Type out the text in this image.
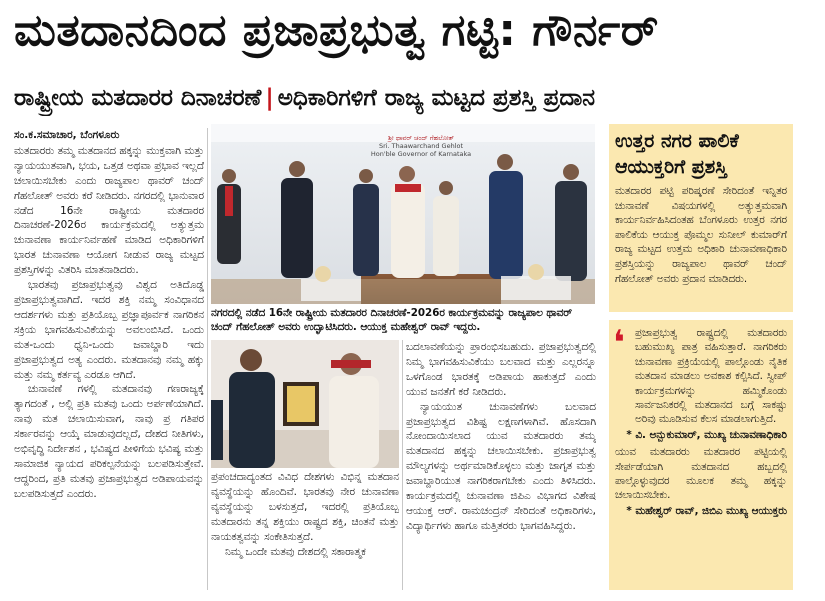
ಮತದಾನದಿಂದ ಪ್ರಜಾಪ್ರಭುತ್ವ ಗಟ್ಟಿ: ಗೌರ್ನರ್
ರಾಷ್ಟ್ರೀಯ ಮತದಾರರ ದಿನಾಚರಣೆ | ಅಧಿಕಾರಿಗಳಿಗೆ ರಾಜ್ಯ ಮಟ್ಟದ ಪ್ರಶಸ್ತಿ ಪ್ರದಾನ
ಸಂ.ಕ.ಸಮಾಚಾರ, ಬೆಂಗಳೂರು

ಮತದಾರರು ತಮ್ಮ ಮತದಾನದ ಹಕ್ಕನ್ನು ಮುಕ್ತವಾಗಿ ಮತ್ತು ನ್ಯಾಯಯುತವಾಗಿ, ಭಯ, ಒತ್ತಡ ಅಥವಾ ಪ್ರಭಾವ ಇಲ್ಲದೆ ಚಲಾಯಿಸಬೇಕು ಎಂದು ರಾಜ್ಯಪಾಲ ಥಾವರ್ ಚಂದ್ ಗೆಹಲೋತ್ ಅವರು ಕರೆ ನೀಡಿದರು. ನಗರದಲ್ಲಿ ಭಾನುವಾರ ನಡೆದ 16ನೇ ರಾಷ್ಟ್ರೀಯ ಮತದಾರರ ದಿನಾಚರಣೆ-2026ರ ಕಾರ್ಯಕ್ರಮದಲ್ಲಿ ಅತ್ಯುತ್ತಮ ಚುನಾವಣಾ ಕಾರ್ಯನಿರ್ವಹಣೆ ಮಾಡಿದ ಅಧಿಕಾರಿಗಳಿಗೆ ಭಾರತ ಚುನಾವಣಾ ಆಯೋಗ ನೀಡುವ ರಾಜ್ಯ ಮಟ್ಟದ ಪ್ರಶಸ್ತಿಗಳನ್ನು ವಿತರಿಸಿ ಮಾತನಾಡಿದರು.

ಭಾರತವು ಪ್ರಜಾಪ್ರಭುತ್ವವು ವಿಶ್ವದ ಅತಿದೊಡ್ಡ ಪ್ರಜಾಪ್ರಭುತ್ವವಾಗಿದೆ. ಇದರ ಶಕ್ತಿ ನಮ್ಮ ಸಂವಿಧಾನದ ಆದರ್ಶಗಳು ಮತ್ತು ಪ್ರತಿಯೊಬ್ಬ ಪ್ರಜ್ಞಾಪೂರ್ವಕ ನಾಗರಿಕನ ಸಕ್ರಿಯ ಭಾಗವಹಿಸುವಿಕೆಯನ್ನು ಅವಲಂಬಿಸಿದೆ. ಒಂದು ಮತ-ಒಂದು ಧ್ವನಿ-ಒಂದು ಜವಾಬ್ದಾರಿ ಇದು ಪ್ರಜಾಪ್ರಭುತ್ವದ ಅತ್ಯ ಎಂದರು. ಮತದಾನವು ನಮ್ಮ ಹಕ್ಕು ಮತ್ತು ನಮ್ಮ ಕರ್ತವ್ಯ ಎರಡೂ ಆಗಿದೆ.

ಚುನಾವಣೆ ಗಳಲ್ಲಿ ಮತದಾನವು ಗಣರಾಜ್ಯಕ್ಕೆ ತ್ಯಾಗದಂತೆ , ಅಲ್ಲಿ ಪ್ರತಿ ಮತವು ಒಂದು ಅರ್ಪಣೆಯಾಗಿದೆ. ನಾವು ಮತ ಚಲಾಯಿಸುವಾಗ, ನಾವು ಪ್ರ ಗತಿಪರ ಸರ್ಕಾರವನ್ನು ಆಯ್ಕೆ ಮಾಡುವುದಲ್ಲದೆ, ದೇಶದ ನೀತಿಗಳು, ಅಭಿವೃದ್ಧಿ ನಿರ್ದೇಶನ , ಭವಿಷ್ಯದ ಪೀಳಿಗೆಯ ಭವಿಷ್ಯ ಮತ್ತು ಸಾಮಾಜಿಕ ನ್ಯಾಯದ ಪರಿಕಲ್ಪನೆಯನ್ನು ಬಲಪಡಿಸುತ್ತೇವೆ. ಆದ್ದರಿಂದ, ಪ್ರತಿ ಮತವು ಪ್ರಜಾಪ್ರಭುತ್ವದ ಅಡಿಪಾಯವನ್ನು ಬಲಪಡಿಸುತ್ತದೆ ಎಂದರು.

ಶ್ರೀ ಥಾವರ್ ಚಂದ್ ಗೆಹಲೋತ್
Sri. Thaawarchand Gehlot
Hon'ble Governor of Karnataka
ನಗರದಲ್ಲಿ ನಡೆದ 16ನೇ ರಾಷ್ಟ್ರೀಯ ಮತದಾರರ ದಿನಾಚರಣೆ-2026ರ ಕಾರ್ಯಕ್ರಮವನ್ನು ರಾಜ್ಯಪಾಲ ಥಾವರ್ ಚಂದ್ ಗೆಹಲೋತ್ ಅವರು ಉದ್ಘಾಟಿಸಿದರು. ಆಯುಕ್ತ ಮಹೇಶ್ವರ್ ರಾವ್ ಇದ್ದರು.

ಪ್ರಪಂಚದಾದ್ಯಂತದ ವಿವಿಧ ದೇಶಗಳು ವಿಭಿನ್ನ ಮತದಾನ ವ್ಯವಸ್ಥೆಯನ್ನು ಹೊಂದಿವೆ. ಭಾರತವು ನೇರ ಚುನಾವಣಾ ವ್ಯವಸ್ಥೆಯನ್ನು ಬಳಸುತ್ತದೆ, ಇದರಲ್ಲಿ ಪ್ರತಿಯೊಬ್ಬ ಮತದಾರನು ತನ್ನ ಶಕ್ತಿಯು ರಾಷ್ಟ್ರದ ಶಕ್ತಿ, ಚಿಂತನೆ ಮತ್ತು ನಾಯಕತ್ವವನ್ನು ಸಂಕೇತಿಸುತ್ತದೆ.

ನಿಮ್ಮ ಒಂದೇ ಮತವು ದೇಶದಲ್ಲಿ ಸಕಾರಾತ್ಮಕ

ಬದಲಾವಣೆಯನ್ನು ಪ್ರಾರಂಭಿಸಬಹುದು. ಪ್ರಜಾಪ್ರಭುತ್ವದಲ್ಲಿ ನಿಮ್ಮ ಭಾಗವಹಿಸುವಿಕೆಯು ಬಲವಾದ ಮತ್ತು ಎಲ್ಲರನ್ನೂ ಒಳಗೊಂಡ ಭಾರತಕ್ಕೆ ಅಡಿಪಾಯ ಹಾಕುತ್ತದೆ ಎಂದು ಯುವ ಜನತೆಗೆ ಕರೆ ನೀಡಿದರು.

ನ್ಯಾಯಯುತ ಚುನಾವಣೆಗಳು ಬಲವಾದ ಪ್ರಜಾಪ್ರಭುತ್ವದ ವಿಶಿಷ್ಟ ಲಕ್ಷಣಗಳಾಗಿವೆ. ಹೊಸದಾಗಿ ನೋಂದಾಯಿಸಲಾದ ಯುವ ಮತದಾರರು ತಮ್ಮ ಮತದಾನದ ಹಕ್ಕನ್ನು ಚಲಾಯಿಸಬೇಕು. ಪ್ರಜಾಪ್ರಭುತ್ವ ಮೌಲ್ಯಗಳನ್ನು ಅರ್ಥಮಾಡಿಕೊಳ್ಳಲು ಮತ್ತು ಜಾಗೃತ ಮತ್ತು ಜವಾಬ್ದಾರಿಯುತ ನಾಗರಿಕರಾಗಬೇಕು ಎಂದು ತಿಳಿಸಿದರು. ಕಾರ್ಯಕ್ರಮದಲ್ಲಿ ಚುನಾವಣಾ ಜಿಪಿಎ ವಿಭಾಗದ ವಿಶೇಷ ಆಯುಕ್ತ ಆರ್. ರಾಮಚಂದ್ರನ್ ಸೇರಿದಂತೆ ಅಧಿಕಾರಿಗಳು, ವಿದ್ಯಾರ್ಥಿಗಳು ಹಾಗೂ ಮತ್ತಿತರರು ಭಾಗವಹಿಸಿದ್ದರು.

ಉತ್ತರ ನಗರ ಪಾಲಿಕೆ ಆಯುಕ್ತರಿಗೆ ಪ್ರಶಸ್ತಿ
ಮತದಾರರ ಪಟ್ಟಿ ಪರಿಷ್ಕರಣೆ ಸೇರಿದಂತೆ ಇನ್ನಿತರ ಚುನಾವಣೆ ವಿಷಯಗಳಲ್ಲಿ ಅತ್ಯುತ್ತಮವಾಗಿ ಕಾರ್ಯನಿರ್ವಹಿಸಿದಂತಹ ಬೆಂಗಳೂರು ಉತ್ತರ ನಗರ ಪಾಲಿಕೆಯ ಆಯುಕ್ತ ಪೊಮ್ಮಲ ಸುನೀಲ್ ಕುಮಾರ್‌ಗೆ ರಾಜ್ಯ ಮಟ್ಟದ ಉತ್ತಮ ಅಧಿಕಾರಿ ಚುನಾವಣಾಧಿಕಾರಿ ಪ್ರಶಸ್ತಿಯನ್ನು ರಾಜ್ಯಪಾಲ ಥಾವರ್ ಚಂದ್ ಗೆಹಲೋತ್ ಅವರು ಪ್ರದಾನ ಮಾಡಿದರು.
❛ ಪ್ರಜಾಪ್ರಭುತ್ವ ರಾಷ್ಟ್ರದಲ್ಲಿ ಮತದಾರರು ಬಹುಮುಖ್ಯ ಪಾತ್ರ ವಹಿಸುತ್ತಾರೆ. ನಾಗರಿಕರು ಚುನಾವಣಾ ಪ್ರಕ್ರಿಯೆಯಲ್ಲಿ ಪಾಲ್ಗೊಂಡು ನೈತಿಕ ಮತದಾನ ಮಾಡಲು ಅವಕಾಶ ಕಲ್ಪಿಸಿದೆ. ಸ್ವೀಪ್ ಕಾರ್ಯಕ್ರಮಗಳನ್ನು ಹಮ್ಮಿಕೊಂಡು ಸಾರ್ವಜನಿಕರಲ್ಲಿ ಮತದಾನದ ಬಗ್ಗೆ ಸಾಕಷ್ಟು ಅರಿವು ಮೂಡಿಸುವ ಕೆಲಸ ಮಾಡಲಾಗುತ್ತಿದೆ.
* ವಿ. ಅನ್ಬುಕುಮಾರ್, ಮುಖ್ಯ ಚುನಾವಣಾಧಿಕಾರಿ
ಯುವ ಮತದಾರರು ಮತದಾರರ ಪಟ್ಟಿಯಲ್ಲಿ ಸೇರ್ಪಡೆಯಾಗಿ ಮತದಾನದ ಹಬ್ಬದಲ್ಲಿ ಪಾಲ್ಗೊಳ್ಳುವುದರ ಮೂಲಕ ತಮ್ಮ ಹಕ್ಕನ್ನು ಚಲಾಯಿಸಬೇಕು.
* ಮಹೇಶ್ವರ್ ರಾವ್, ಜಿಬಿಎ ಮುಖ್ಯ ಆಯುಕ್ತರು
